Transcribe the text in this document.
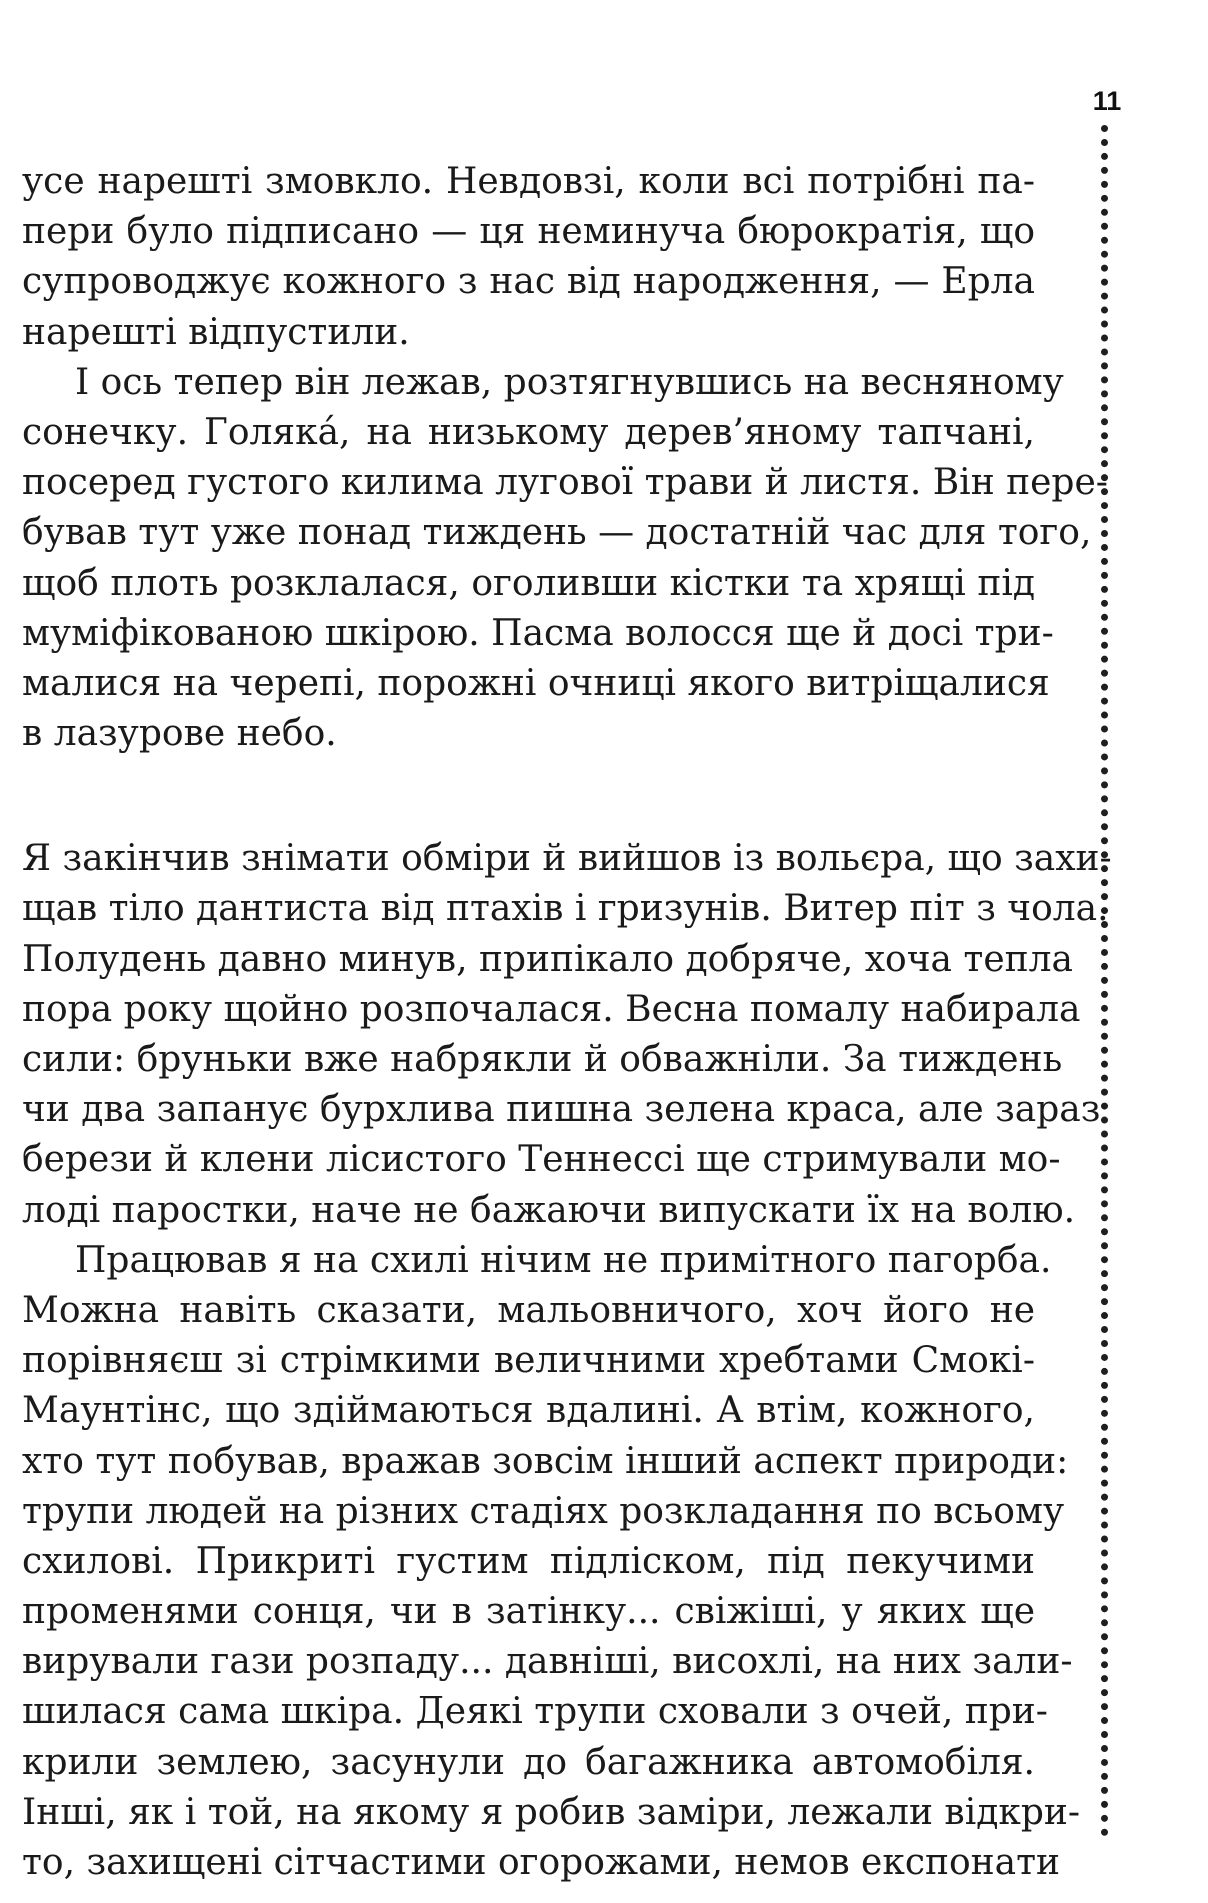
11
усе нарешті змовкло. Невдовзі, коли всі потрібні па-
пери було підписано — ця неминуча бюрократія, що
супроводжує кожного з нас від народження, — Ерла
нарешті відпустили.
І ось тепер він лежав, розтягнувшись на весняному
сонечку. Голяка́, на низькому дерев’яному тапчані,
посеред густого килима лугової трави й листя. Він пере-
бував тут уже понад тиждень — достатній час для того,
щоб плоть розклалася, оголивши кістки та хрящі під
муміфікованою шкірою. Пасма волосся ще й досі три-
малися на черепі, порожні очниці якого витріщалися
в лазурове небо.
Я закінчив знімати обміри й вийшов із вольєра, що захи-
щав тіло дантиста від птахів і гризунів. Витер піт з чола.
Полудень давно минув, припікало добряче, хоча тепла
пора року щойно розпочалася. Весна помалу набирала
сили: бруньки вже набрякли й обважніли. За тиждень
чи два запанує бурхлива пишна зелена краса, але зараз
берези й клени лісистого Теннессі ще стримували мо-
лоді паростки, наче не бажаючи випускати їх на волю.
Працював я на схилі нічим не примітного пагорба.
Можна навіть сказати, мальовничого, хоч його не
порівняєш зі стрімкими величними хребтами Смокі-
Маунтінс, що здіймаються вдалині. А втім, кожного,
хто тут побував, вражав зовсім інший аспект природи:
трупи людей на різних стадіях розкладання по всьому
схилові. Прикриті густим підліском, під пекучими
променями сонця, чи в затінку... свіжіші, у яких ще
вирували гази розпаду... давніші, висохлі, на них зали-
шилася сама шкіра. Деякі трупи сховали з очей, при-
крили землею, засунули до багажника автомобіля.
Інші, як і той, на якому я робив заміри, лежали відкри-
то, захищені сітчастими огорожами, немов експонати
